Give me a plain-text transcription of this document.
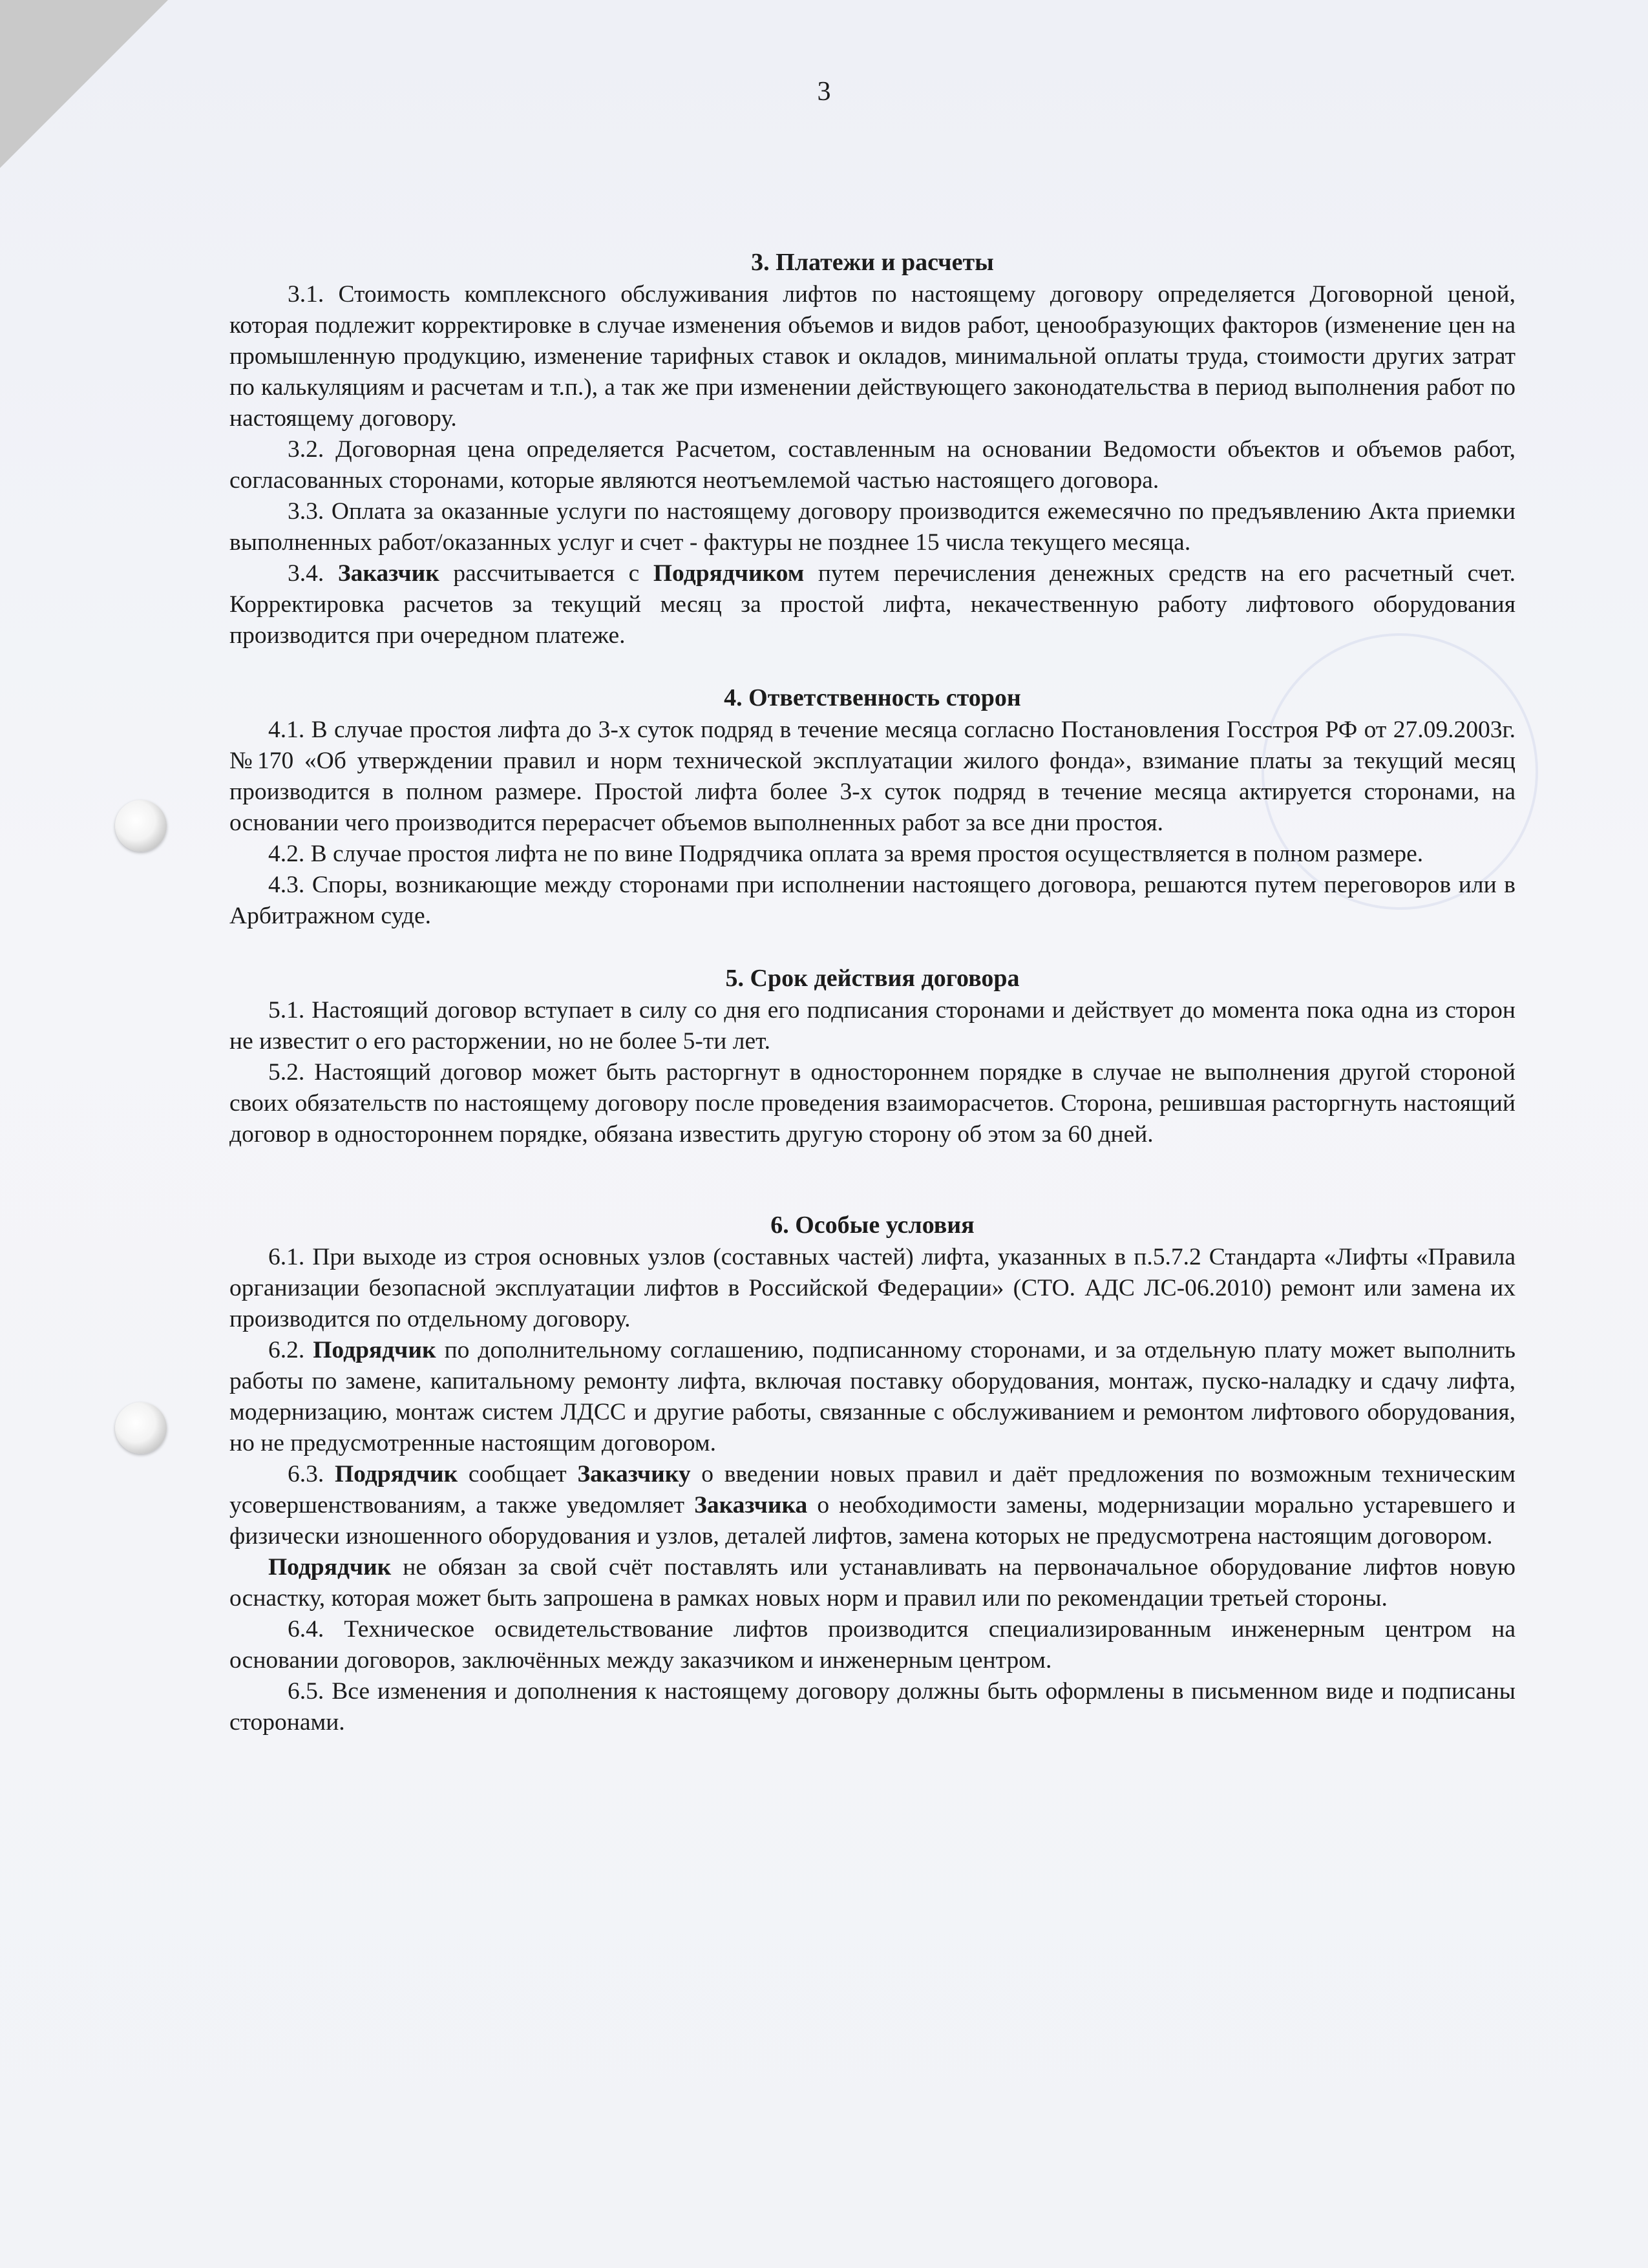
3
3. Платежи и расчеты

3.1. Стоимость комплексного обслуживания лифтов по настоящему договору определяется Договорной ценой, которая подлежит корректировке в случае изменения объемов и видов работ, ценообразующих факторов (изменение цен на промышленную продукцию, изменение тарифных ставок и окладов, минимальной оплаты труда, стоимости других затрат по калькуляциям и расчетам и т.п.), а так же при изменении действующего законодательства в период выполнения работ по настоящему договору.

3.2. Договорная цена определяется Расчетом, составленным на основании Ведомости объектов и объемов работ, согласованных сторонами, которые являются неотъемлемой частью настоящего договора.

3.3. Оплата за оказанные услуги по настоящему договору производится ежемесячно по предъявлению Акта приемки выполненных работ/оказанных услуг и счет - фактуры не позднее 15 числа текущего месяца.

3.4. Заказчик рассчитывается с Подрядчиком путем перечисления денежных средств на его расчетный счет. Корректировка расчетов за текущий месяц за простой лифта, некачественную работу лифтового оборудования производится при очередном платеже.

4. Ответственность сторон

4.1. В случае простоя лифта до 3-х суток подряд в течение месяца согласно Постановления Госстроя РФ от 27.09.2003г. №170 «Об утверждении правил и норм технической эксплуатации жилого фонда», взимание платы за текущий месяц производится в полном размере. Простой лифта более 3-х суток подряд в течение месяца актируется сторонами, на основании чего производится перерасчет объемов выполненных работ за все дни простоя.

4.2. В случае простоя лифта не по вине Подрядчика оплата за время простоя осуществляется в полном размере.

4.3. Споры, возникающие между сторонами при исполнении настоящего договора, решаются путем переговоров или в Арбитражном суде.

5. Срок действия договора

5.1. Настоящий договор вступает в силу со дня его подписания сторонами и действует до момента пока одна из сторон не известит о его расторжении, но не более 5-ти лет.

5.2. Настоящий договор может быть расторгнут в одностороннем порядке в случае не выполнения другой стороной своих обязательств по настоящему договору после проведения взаиморасчетов. Сторона, решившая расторгнуть настоящий договор в одностороннем порядке, обязана известить другую сторону об этом за 60 дней.

6. Особые условия

6.1. При выходе из строя основных узлов (составных частей) лифта, указанных в п.5.7.2 Стандарта «Лифты «Правила организации безопасной эксплуатации лифтов в Российской Федерации» (СТО. АДС ЛС-06.2010) ремонт или замена их производится по отдельному договору.

6.2. Подрядчик по дополнительному соглашению, подписанному сторонами, и за отдельную плату может выполнить работы по замене, капитальному ремонту лифта, включая поставку оборудования, монтаж, пуско-наладку и сдачу лифта, модернизацию, монтаж систем ЛДСС и другие работы, связанные с обслуживанием и ремонтом лифтового оборудования, но не предусмотренные настоящим договором.

6.3. Подрядчик сообщает Заказчику о введении новых правил и даёт предложения по возможным техническим усовершенствованиям, а также уведомляет Заказчика о необходимости замены, модернизации морально устаревшего и физически изношенного оборудования и узлов, деталей лифтов, замена которых не предусмотрена настоящим договором.

Подрядчик не обязан за свой счёт поставлять или устанавливать на первоначальное оборудование лифтов новую оснастку, которая может быть запрошена в рамках новых норм и правил или по рекомендации третьей стороны.

6.4. Техническое освидетельствование лифтов производится специализированным инженерным центром на основании договоров, заключённых между заказчиком и инженерным центром.

6.5. Все изменения и дополнения к настоящему договору должны быть оформлены в письменном виде и подписаны сторонами.
